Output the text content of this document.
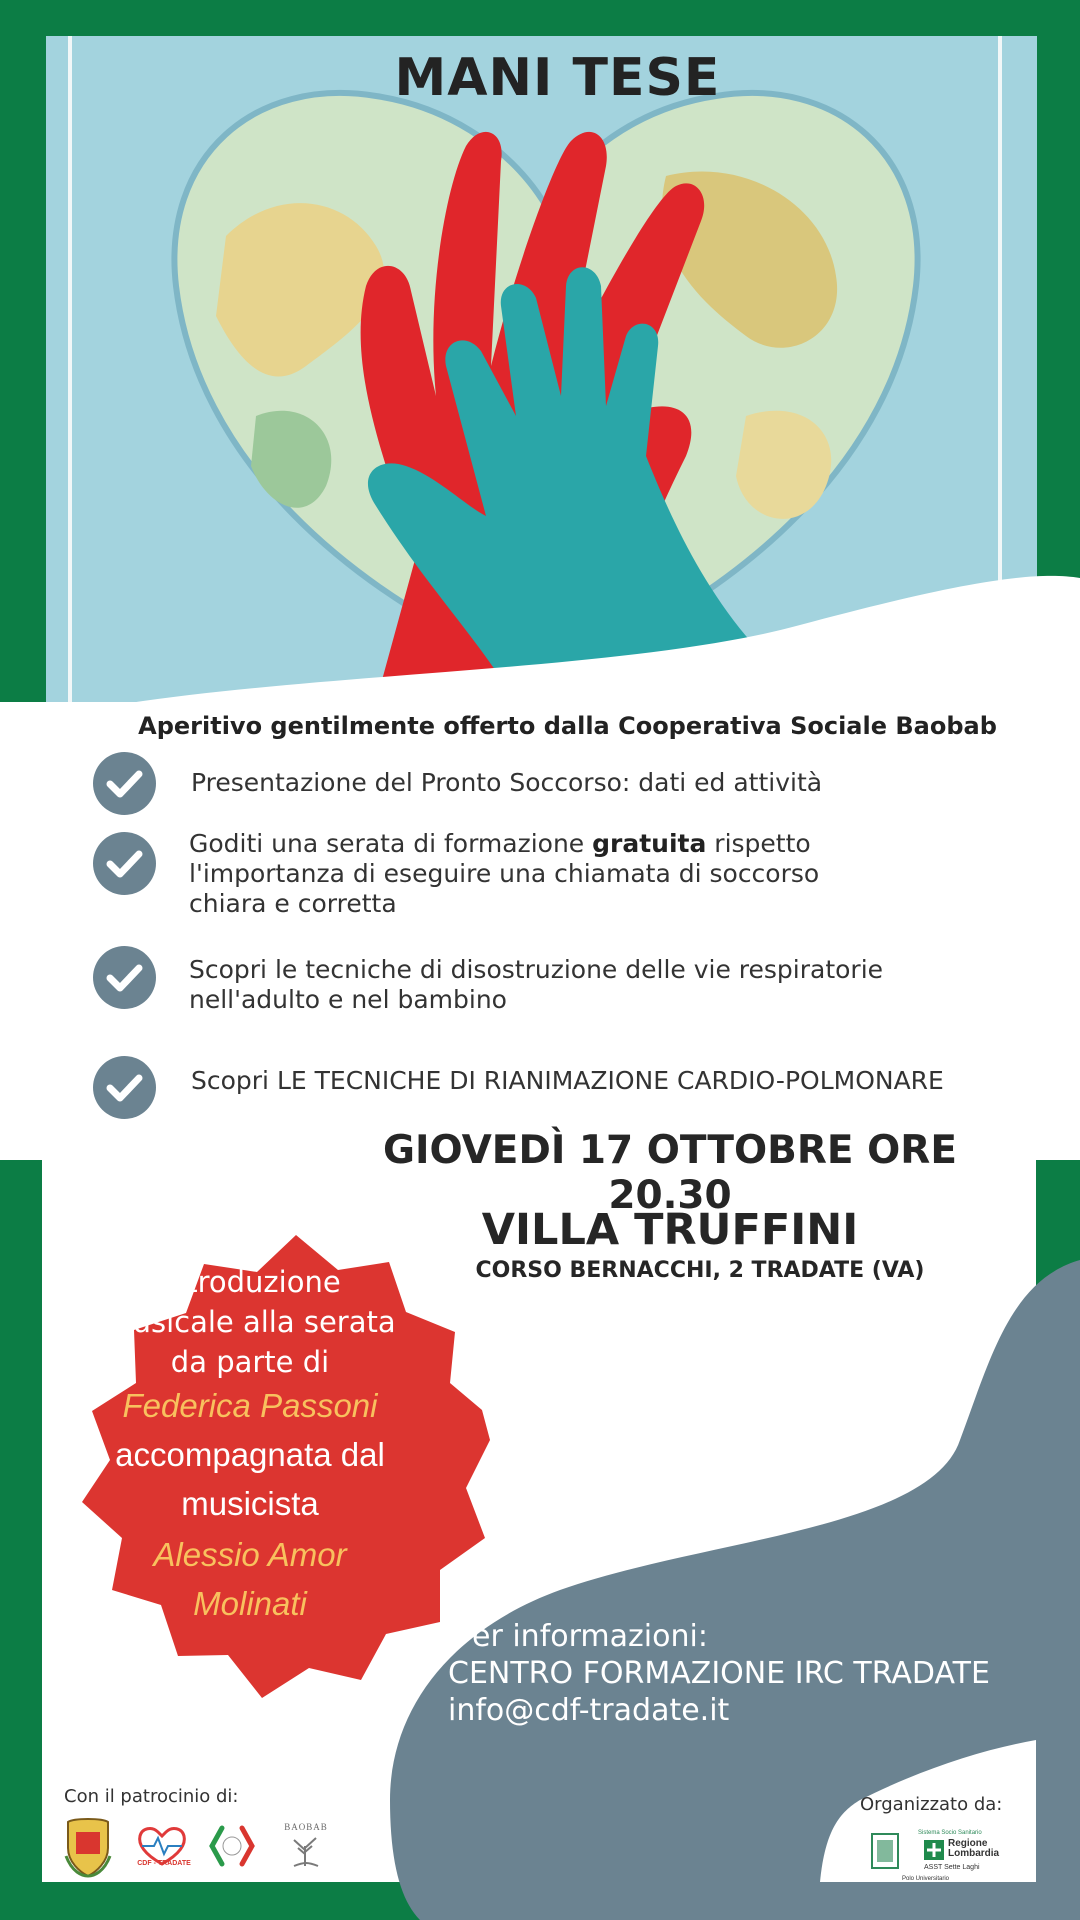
MANI TESE
Aperitivo gentilmente offerto dalla Cooperativa Sociale Baobab
Presentazione del Pronto Soccorso: dati ed attività
Goditi una serata di formazione gratuita rispetto
l'importanza di eseguire una chiamata di soccorso
chiara e corretta
Scopri le tecniche di disostruzione delle vie respiratorie
nell'adulto e nel bambino
Scopri LE TECNICHE DI RIANIMAZIONE CARDIO-POLMONARE
GIOVEDÌ 17 OTTOBRE ORE 20.30
VILLA TRUFFINI
CORSO BERNACCHI, 2 TRADATE (VA)
Introduzione
musicale alla serata
da parte di
Federica Passoni
accompagnata dal
musicista
Alessio Amor
Molinati
Per informazioni:
CENTRO FORMAZIONE IRC TRADATE
info@cdf-tradate.it
Con il patrocinio di:	Organizzato da:
CDF - TRADATE
BAOBAB
Sistema Socio Sanitario
Regione
Lombardia
ASST Sette Laghi
Polo Universitario
